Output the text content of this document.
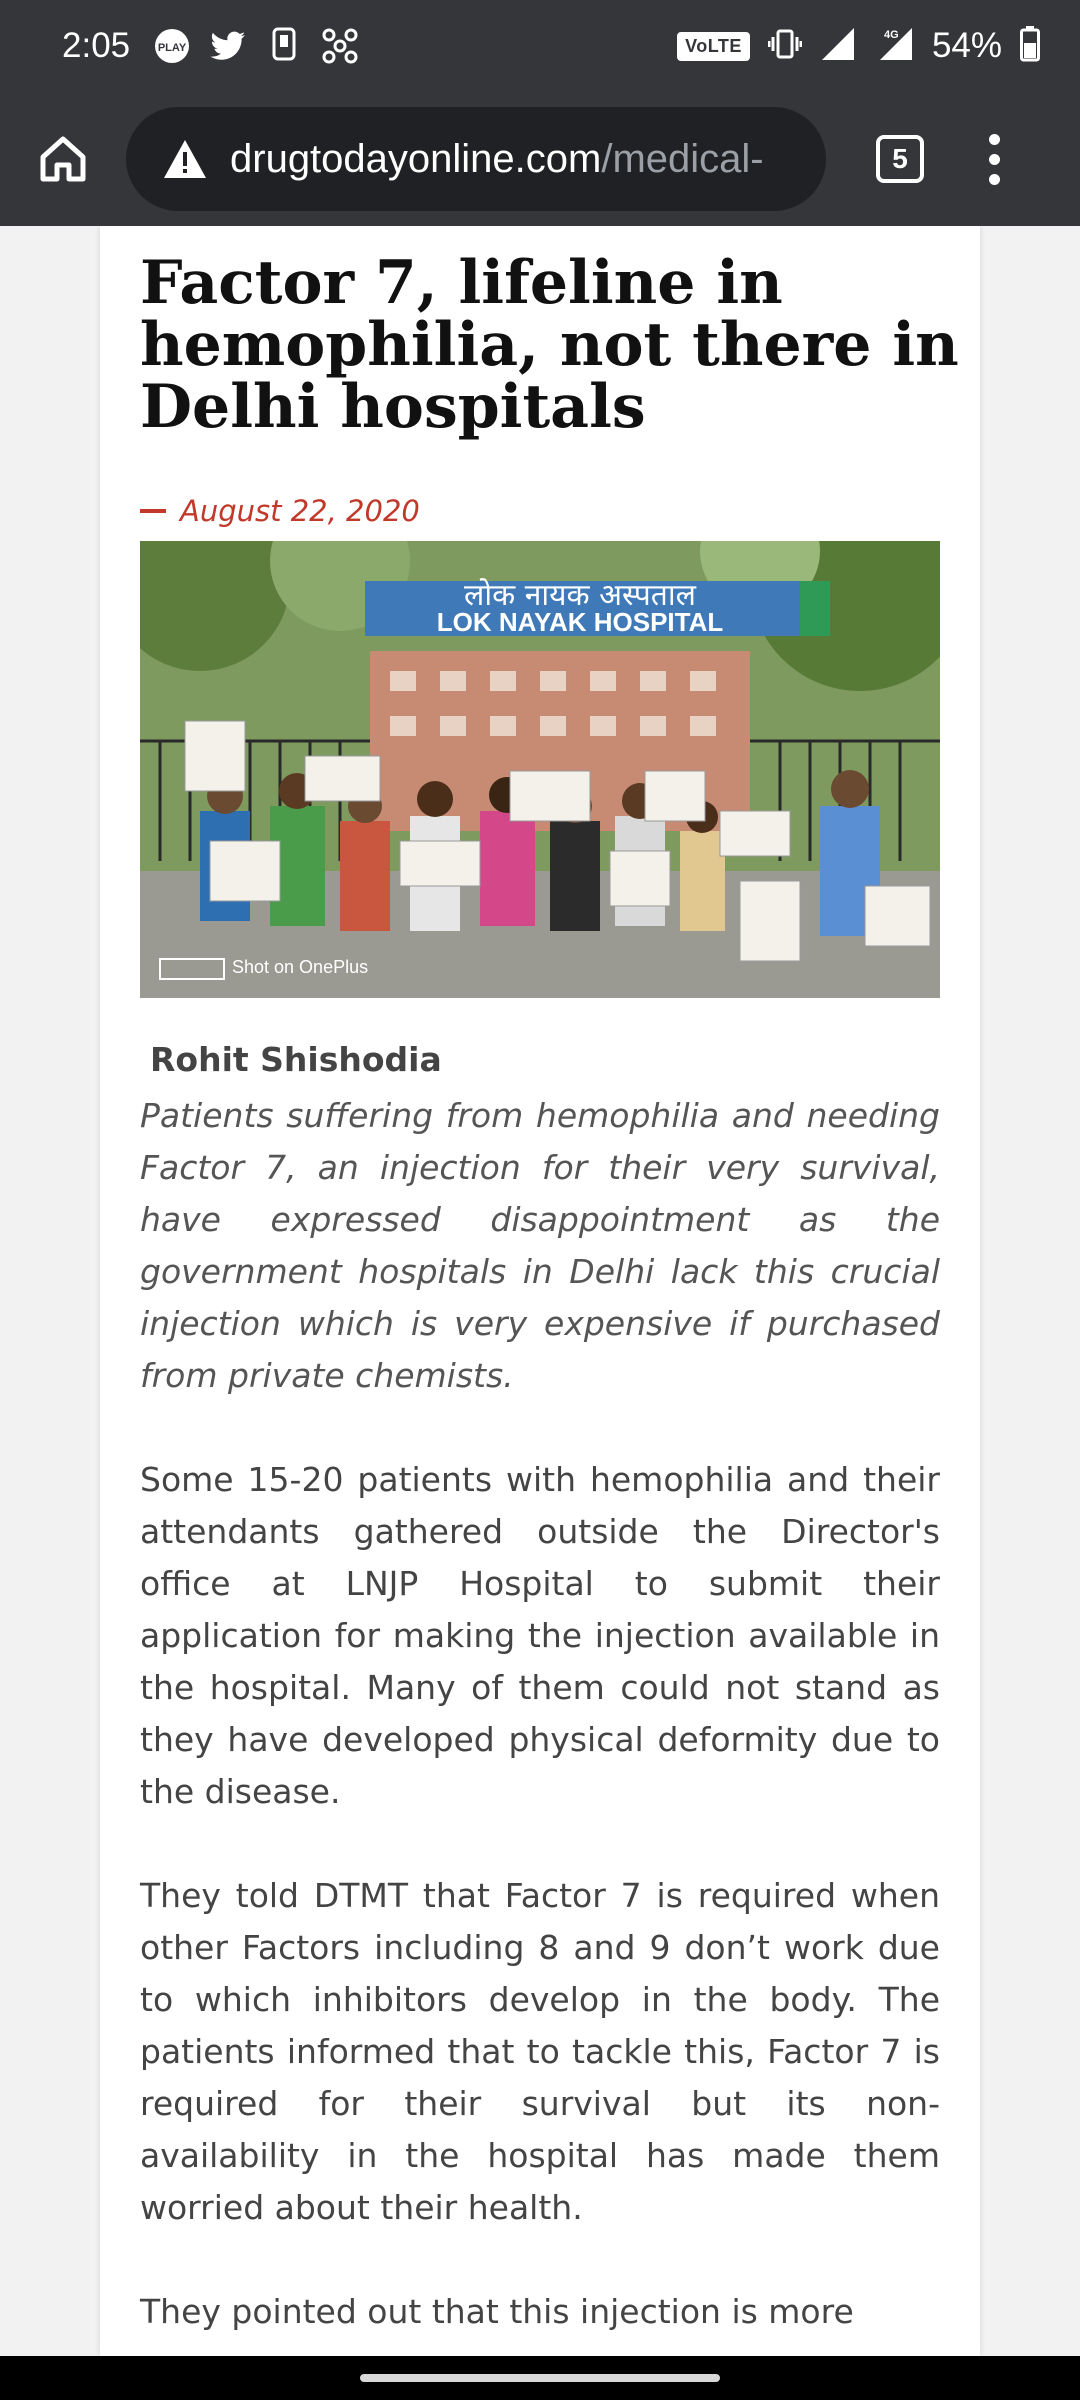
2:05	PLAY	VoLTE
4G 54%
drugtodayonline.com/medical-	5
Factor 7, lifeline in hemophilia, not there in Delhi hospitals
August 22, 2020
लोक नायक अस्पताल
LOK NAYAK HOSPITAL
Shot on OnePlus
Rohit Shishodia

Patients suffering from hemophilia and needing Factor 7, an injection for their very survival, have expressed disappointment as the government hospitals in Delhi lack this crucial injection which is very expensive if purchased from private chemists.

Some 15-20 patients with hemophilia and their attendants gathered outside the Director's office at LNJP Hospital to submit their application for making the injection available in the hospital. Many of them could not stand as they have developed physical deformity due to the disease.

They told DTMT that Factor 7 is required when other Factors including 8 and 9 don’t work due to which inhibitors develop in the body. The patients informed that to tackle this, Factor 7 is required for their survival but its non-availability in the hospital has made them worried about their health.

They pointed out that this injection is more
